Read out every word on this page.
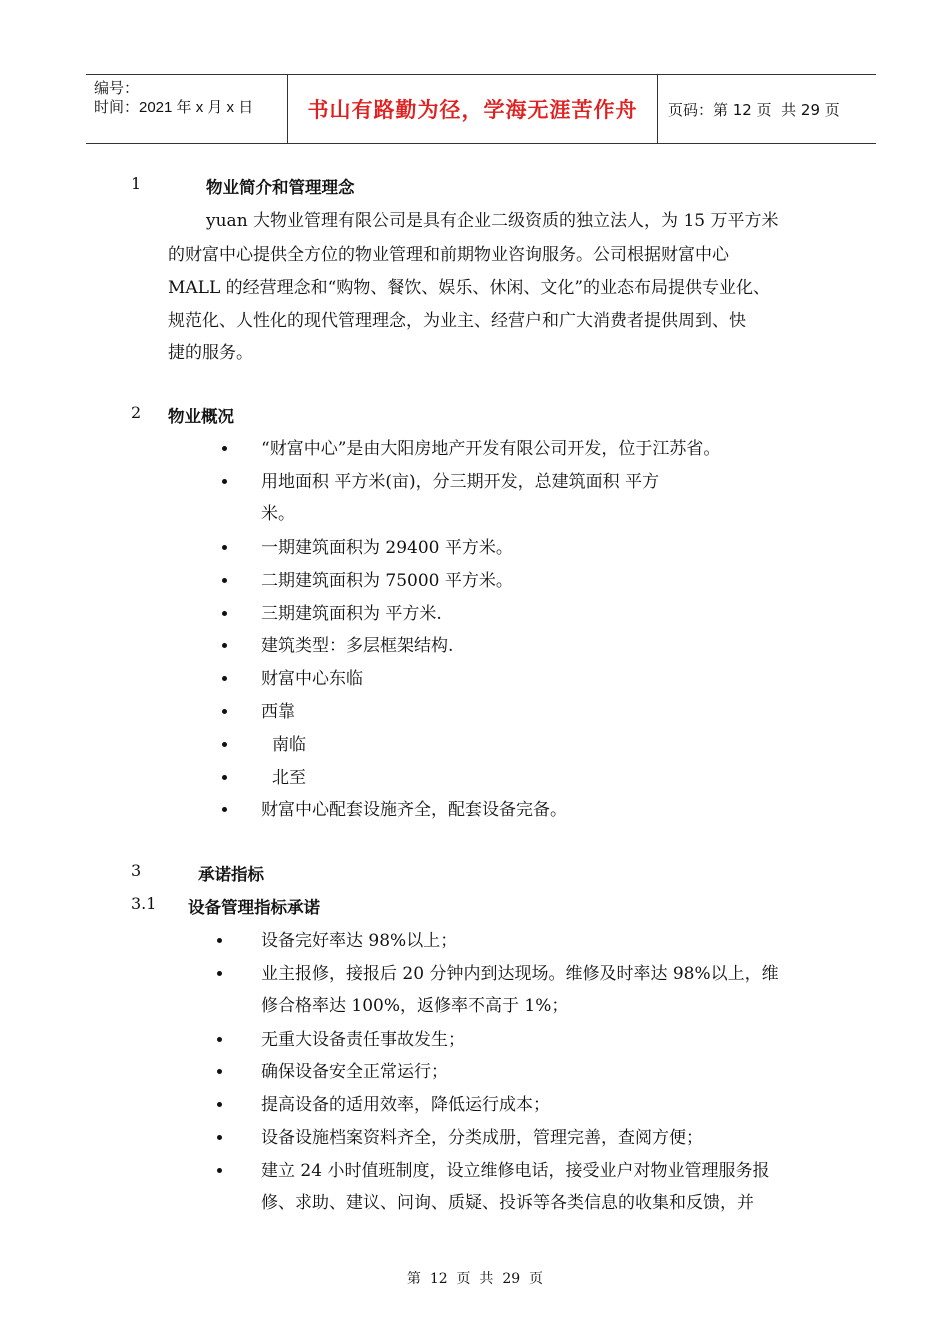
编号：
时间：2021 年 x 月 x 日	书山有路勤为径，学海无涯苦作舟	页码：第 12 页  共 29 页
1	物业简介和管理理念
yuan 大物业管理有限公司是具有企业二级资质的独立法人，为 15 万平方米
的财富中心提供全方位的物业管理和前期物业咨询服务。公司根据财富中心
MALL 的经营理念和“购物、餐饮、娱乐、休闲、文化”的业态布局提供专业化、
规范化、人性化的现代管理理念，为业主、经营户和广大消费者提供周到、快
捷的服务。
2 物业概况
“财富中心”是由大阳房地产开发有限公司开发，位于江苏省。
用地面积 平方米(亩)，分三期开发，总建筑面积 平方
米。
一期建筑面积为 29400 平方米。
二期建筑面积为 75000 平方米。
三期建筑面积为 平方米.
建筑类型：多层框架结构.
财富中心东临
西靠
南临
北至
财富中心配套设施齐全，配套设备完备。
3	承诺指标
3.1 设备管理指标承诺
设备完好率达 98%以上；
业主报修，接报后 20 分钟内到达现场。维修及时率达 98%以上，维
修合格率达 100%，返修率不高于 1%；
无重大设备责任事故发生；
确保设备安全正常运行；
提高设备的适用效率，降低运行成本；
设备设施档案资料齐全，分类成册，管理完善，查阅方便；
建立 24 小时值班制度，设立维修电话，接受业户对物业管理服务报
修、求助、建议、问询、质疑、投诉等各类信息的收集和反馈，并
第  12  页  共  29  页
